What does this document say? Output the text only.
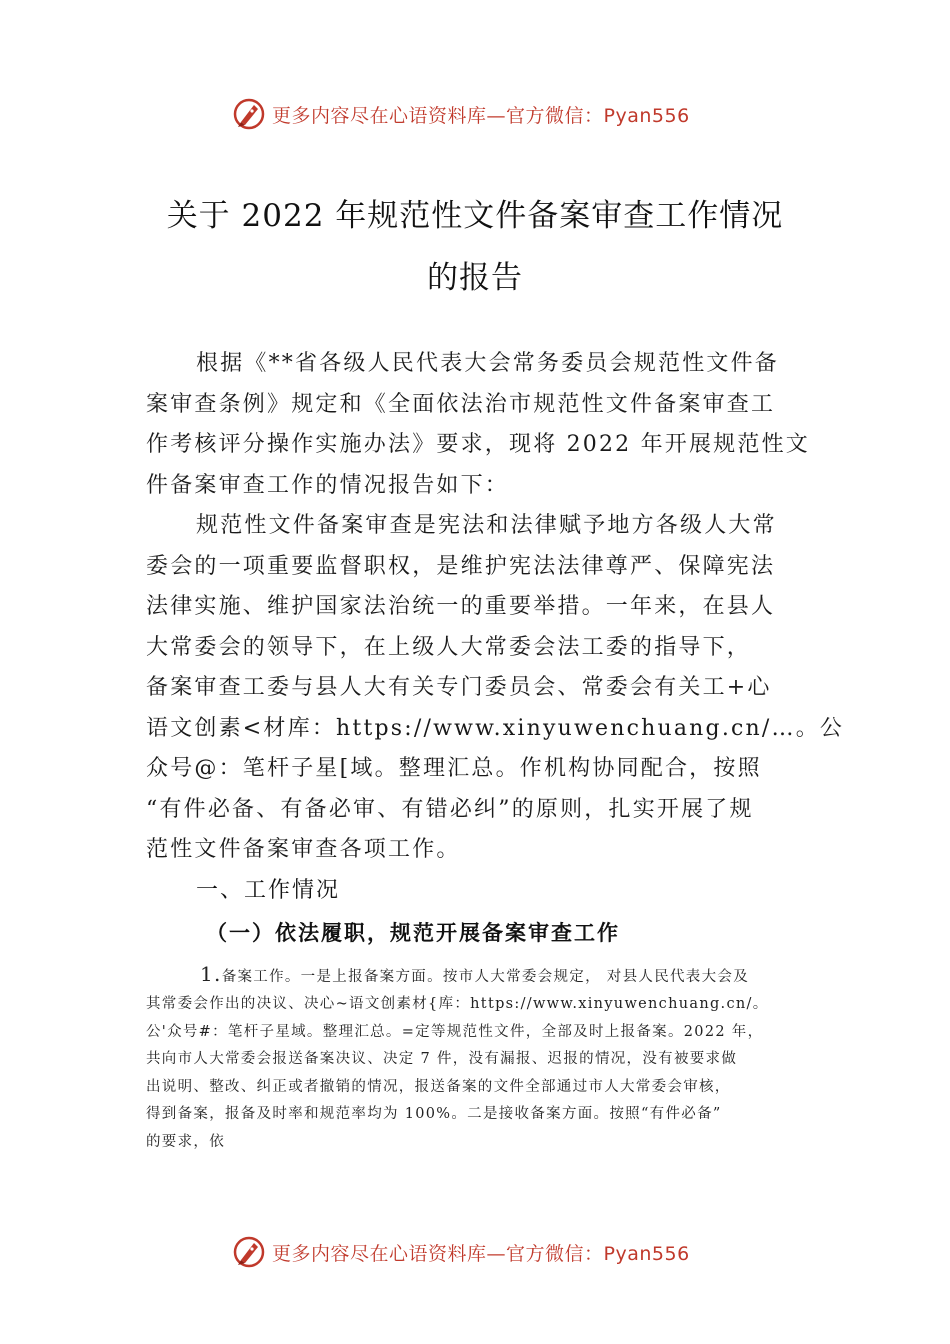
更多内容尽在心语资料库—官方微信：Pyan556
关于 2022 年规范性文件备案审查工作情况
的报告
根据《**省各级人民代表大会常务委员会规范性文件备
案审查条例》规定和《全面依法治市规范性文件备案审查工
作考核评分操作实施办法》要求，现将 2022 年开展规范性文
件备案审查工作的情况报告如下：
规范性文件备案审查是宪法和法律赋予地方各级人大常
委会的一项重要监督职权，是维护宪法法律尊严、保障宪法
法律实施、维护国家法治统一的重要举措。一年来，在县人
大常委会的领导下，在上级人大常委会法工委的指导下，
备案审查工委与县人大有关专门委员会、常委会有关工+心
语文创素<材库：https://www.xinyuwenchuang.cn/…。公
众号@：笔杆子星[域。整理汇总。作机构协同配合，按照
“有件必备、有备必审、有错必纠”的原则，扎实开展了规
范性文件备案审查各项工作。
一、工作情况
（一）依法履职，规范开展备案审查工作
1.备案工作。一是上报备案方面。按市人大常委会规定， 对县人民代表大会及
其常委会作出的决议、决心~语文创素材{库：https://www.xinyuwenchuang.cn/。
公'众号#：笔杆子星域。整理汇总。=定等规范性文件，全部及时上报备案。2022 年，
共向市人大常委会报送备案决议、决定 7 件，没有漏报、迟报的情况，没有被要求做
出说明、整改、纠正或者撤销的情况，报送备案的文件全部通过市人大常委会审核，
得到备案，报备及时率和规范率均为 100%。二是接收备案方面。按照“有件必备”
的要求，依
更多内容尽在心语资料库—官方微信：Pyan556
